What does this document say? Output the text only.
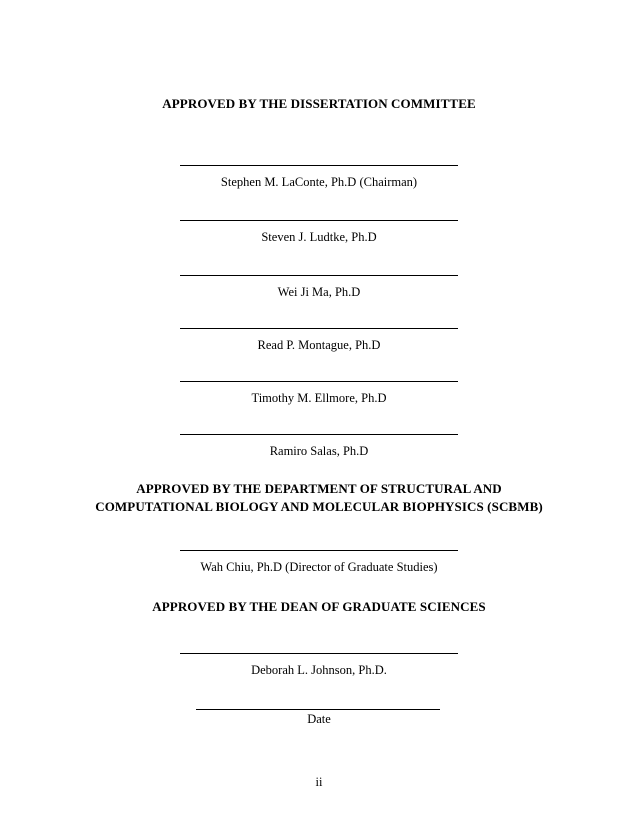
APPROVED BY THE DISSERTATION COMMITTEE
Stephen M. LaConte, Ph.D (Chairman)
Steven J. Ludtke, Ph.D
Wei Ji Ma, Ph.D
Read P. Montague, Ph.D
Timothy M. Ellmore, Ph.D
Ramiro Salas, Ph.D
APPROVED BY THE DEPARTMENT OF STRUCTURAL AND
COMPUTATIONAL BIOLOGY AND MOLECULAR BIOPHYSICS (SCBMB)
Wah Chiu, Ph.D (Director of Graduate Studies)
APPROVED BY THE DEAN OF GRADUATE SCIENCES
Deborah L. Johnson, Ph.D.
Date
ii
